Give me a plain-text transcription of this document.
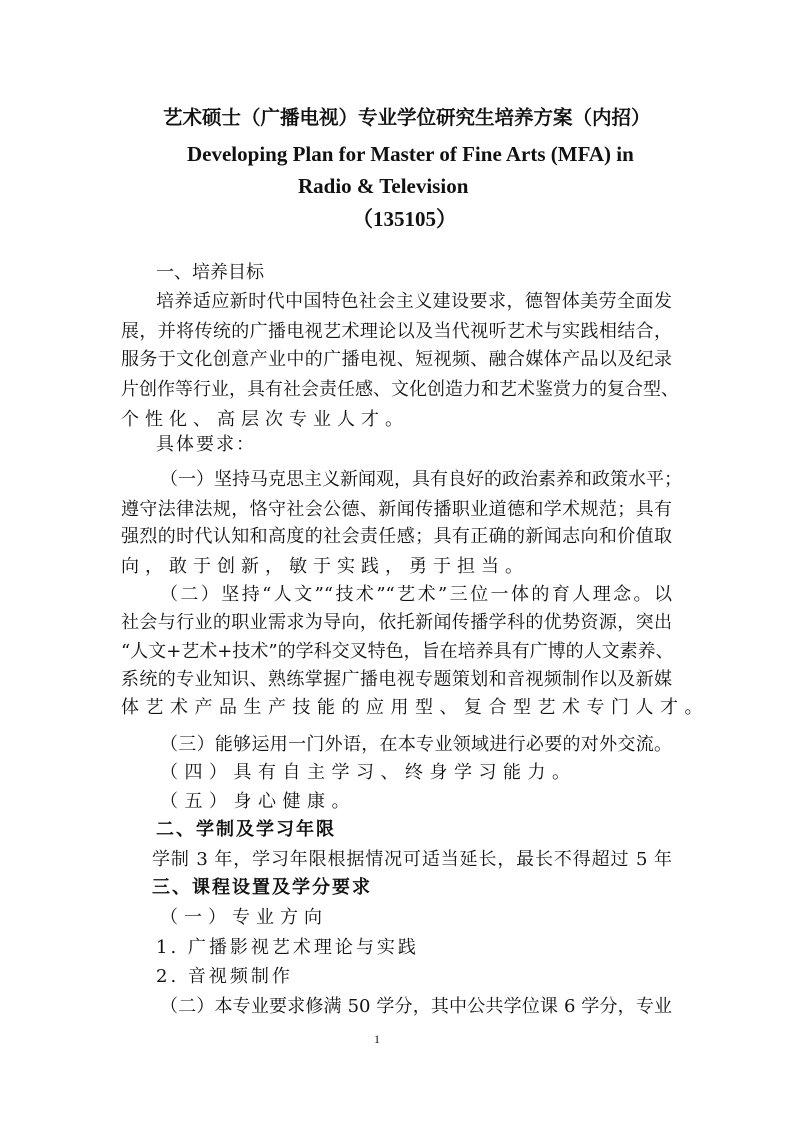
艺术硕士（广播电视）专业学位研究生培养方案（内招）
Developing Plan for Master of Fine Arts (MFA) in
Radio & Television
（135105）
一、培养目标
培养适应新时代中国特色社会主义建设要求，德智体美劳全面发
展，并将传统的广播电视艺术理论以及当代视听艺术与实践相结合，
服务于文化创意产业中的广播电视、短视频、融合媒体产品以及纪录
片创作等行业，具有社会责任感、文化创造力和艺术鉴赏力的复合型、
个性化、高层次专业人才。
具体要求：
（一）坚持马克思主义新闻观，具有良好的政治素养和政策水平；
遵守法律法规，恪守社会公德、新闻传播职业道德和学术规范；具有
强烈的时代认知和高度的社会责任感；具有正确的新闻志向和价值取
向，敢于创新，敏于实践，勇于担当。
（二）坚持“人文”“技术”“艺术”三位一体的育人理念。以
社会与行业的职业需求为导向，依托新闻传播学科的优势资源，突出
“人文+艺术+技术”的学科交叉特色，旨在培养具有广博的人文素养、
系统的专业知识、熟练掌握广播电视专题策划和音视频制作以及新媒
体艺术产品生产技能的应用型、复合型艺术专门人才。
（三）能够运用一门外语，在本专业领域进行必要的对外交流。
（四）具有自主学习、终身学习能力。
（五）身心健康。
二、学制及学习年限
学制 3 年，学习年限根据情况可适当延长，最长不得超过 5 年
三、课程设置及学分要求
（一）专业方向
1. 广播影视艺术理论与实践
2. 音视频制作
（二）本专业要求修满 50 学分，其中公共学位课 6 学分，专业
1
